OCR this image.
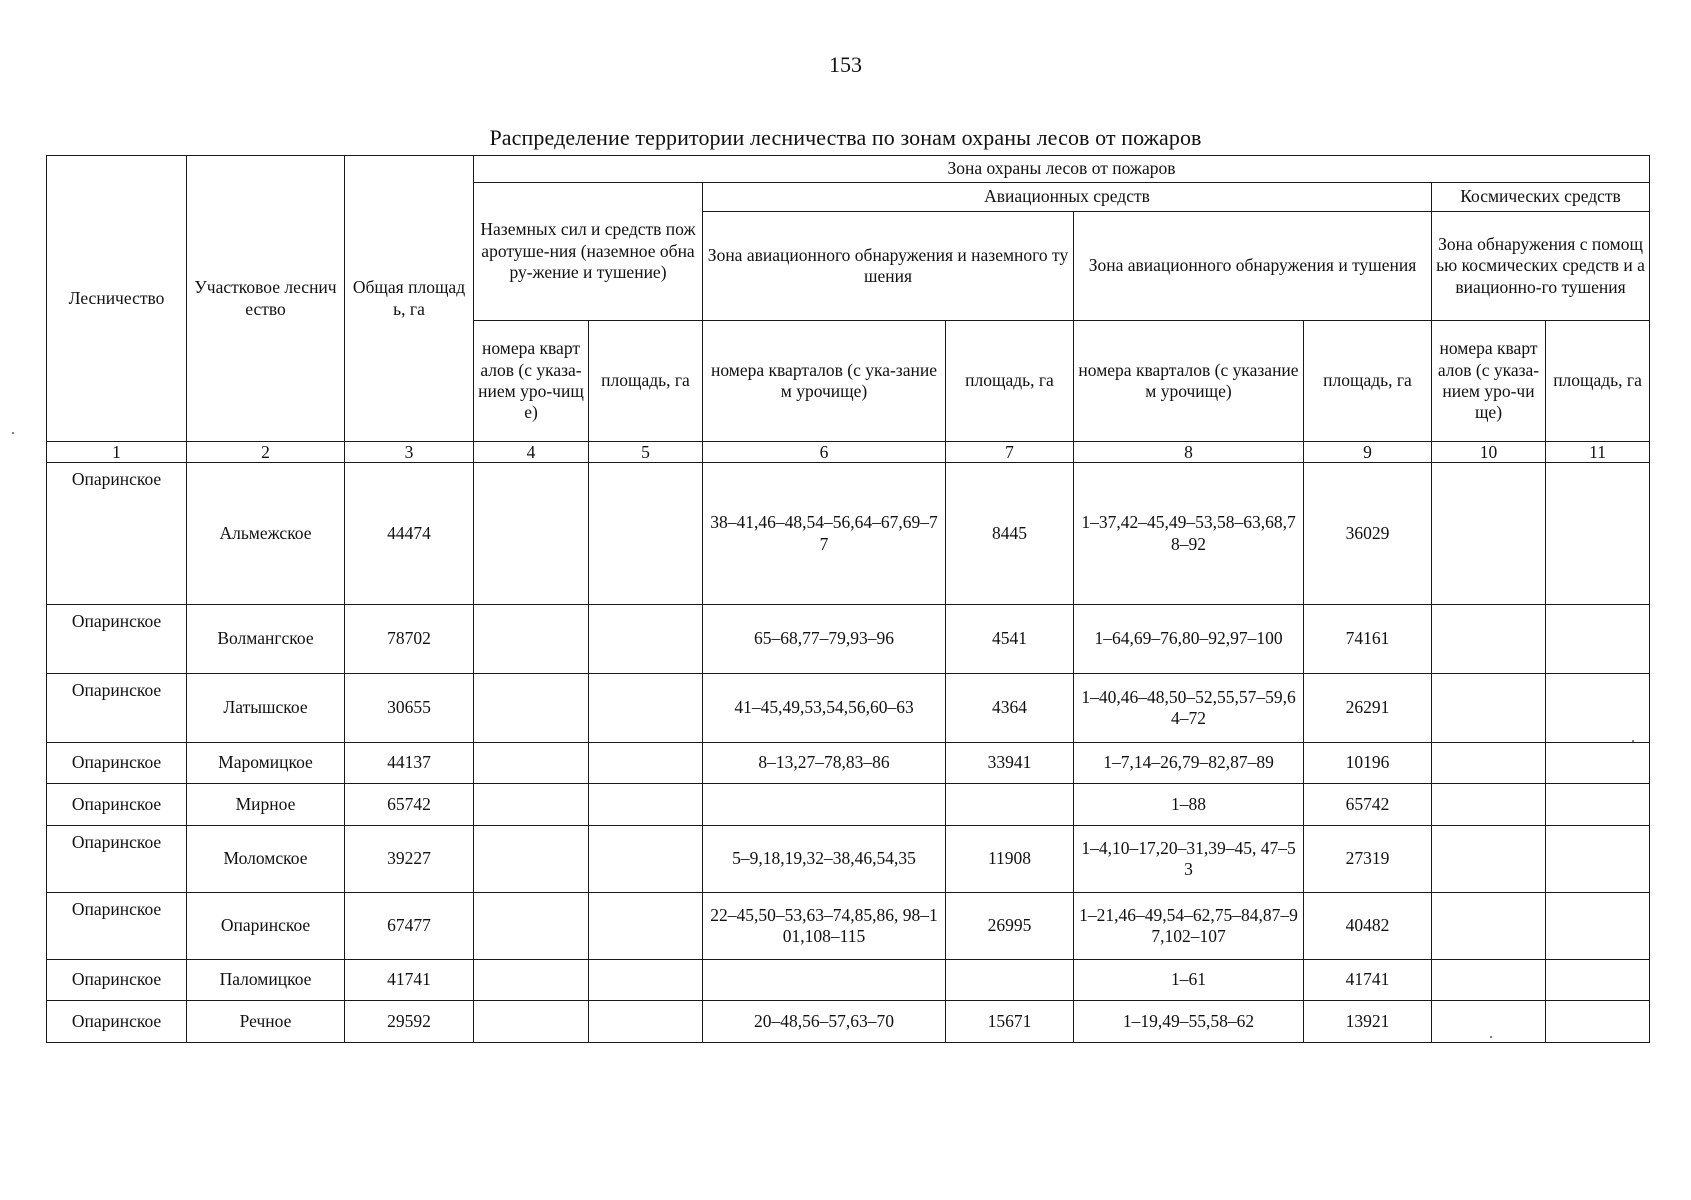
153
Распределение территории лесничества по зонам охраны лесов от пожаров
Лесничество	Участковое лесничество	Общая площадь, га	Зона охраны лесов от пожаров							
			Наземных сил и средств пожаротуше-ния (наземное обнару-жение и тушение)		Авиационных средств				Космических средств	
					Зона авиационного обнаружения и наземного тушения		Зона авиационного обнаружения и тушения		Зона обнаружения с помощью космических средств и авиационно-го тушения	
			номера кварталов (с указа-нием уро-чище)	площадь, га	номера кварталов (с ука-занием урочище)	площадь, га	номера кварталов (с указанием урочище)	площадь, га	номера кварталов (с указа-нием уро-чище)	площадь, га
1	2	3	4	5	6	7	8	9	10	11
Опаринское	Альмежское	44474			38–41,46–48,54–56,64–67,69–77	8445	1–37,42–45,49–53,58–63,68,78–92	36029		
Опаринское	Волмангское	78702			65–68,77–79,93–96	4541	1–64,69–76,80–92,97–100	74161		
Опаринское	Латышское	30655			41–45,49,53,54,56,60–63	4364	1–40,46–48,50–52,55,57–59,64–72	26291		
Опаринское	Маромицкое	44137			8–13,27–78,83–86	33941	1–7,14–26,79–82,87–89	10196		
Опаринское	Мирное	65742					1–88	65742		
Опаринское	Моломское	39227			5–9,18,19,32–38,46,54,35	11908	1–4,10–17,20–31,39–45, 47–53	27319		
Опаринское	Опаринское	67477			22–45,50–53,63–74,85,86, 98–101,108–115	26995	1–21,46–49,54–62,75–84,87–97,102–107	40482		
Опаринское	Паломицкое	41741					1–61	41741		
Опаринское	Речное	29592			20–48,56–57,63–70	15671	1–19,49–55,58–62	13921		
